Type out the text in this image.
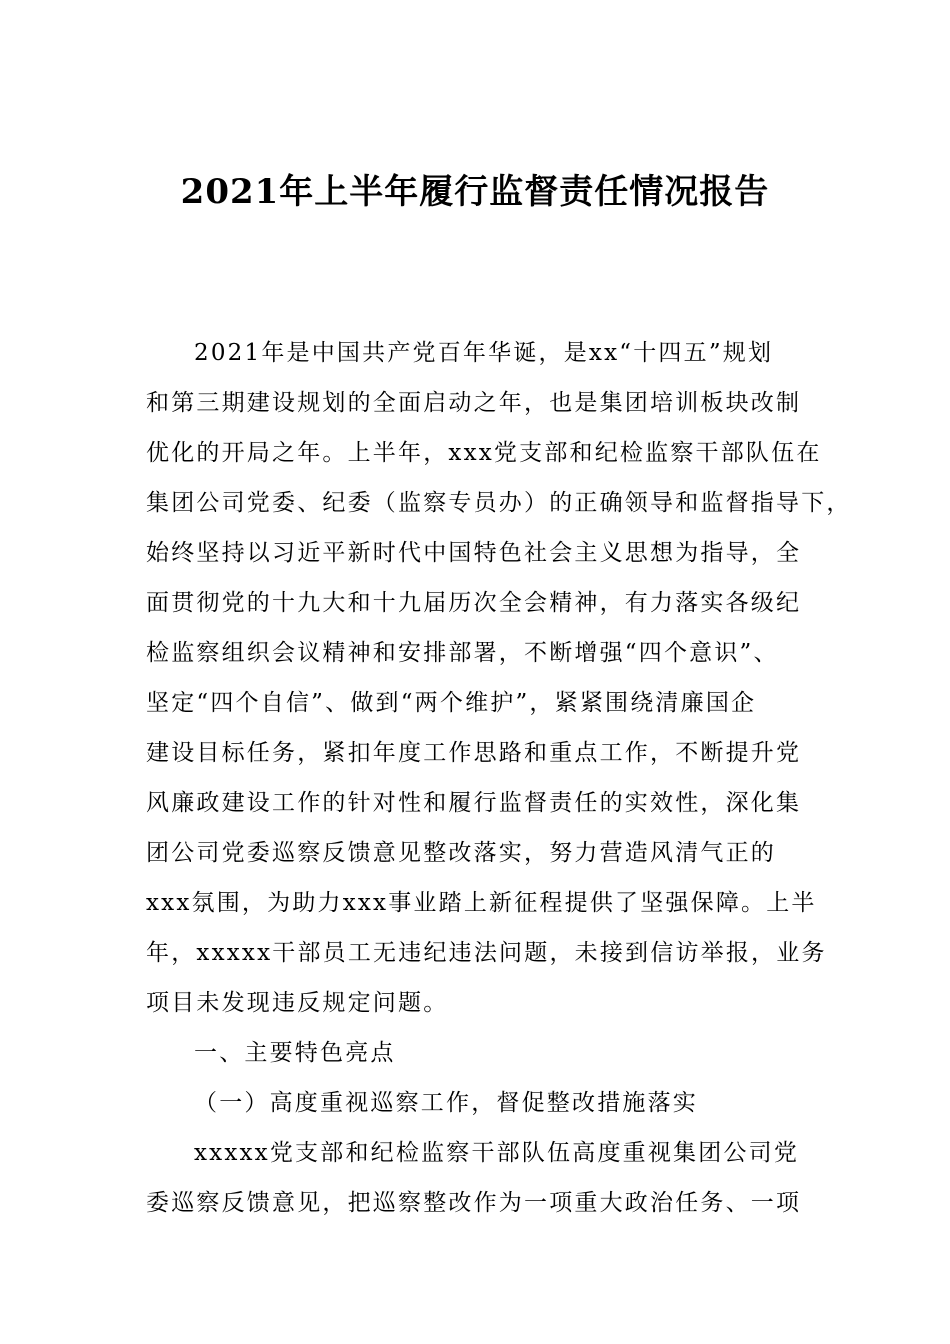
2021年上半年履行监督责任情况报告
2021年是中国共产党百年华诞，是xx“十四五”规划
和第三期建设规划的全面启动之年，也是集团培训板块改制
优化的开局之年。上半年，xxx党支部和纪检监察干部队伍在
集团公司党委、纪委（监察专员办）的正确领导和监督指导下，
始终坚持以习近平新时代中国特色社会主义思想为指导，全
面贯彻党的十九大和十九届历次全会精神，有力落实各级纪
检监察组织会议精神和安排部署，不断增强“四个意识”、
坚定“四个自信”、做到“两个维护”，紧紧围绕清廉国企
建设目标任务，紧扣年度工作思路和重点工作，不断提升党
风廉政建设工作的针对性和履行监督责任的实效性，深化集
团公司党委巡察反馈意见整改落实，努力营造风清气正的
xxx氛围，为助力xxx事业踏上新征程提供了坚强保障。上半
年，xxxxx干部员工无违纪违法问题，未接到信访举报，业务
项目未发现违反规定问题。
一、主要特色亮点
（一）高度重视巡察工作，督促整改措施落实
xxxxx党支部和纪检监察干部队伍高度重视集团公司党
委巡察反馈意见，把巡察整改作为一项重大政治任务、一项
